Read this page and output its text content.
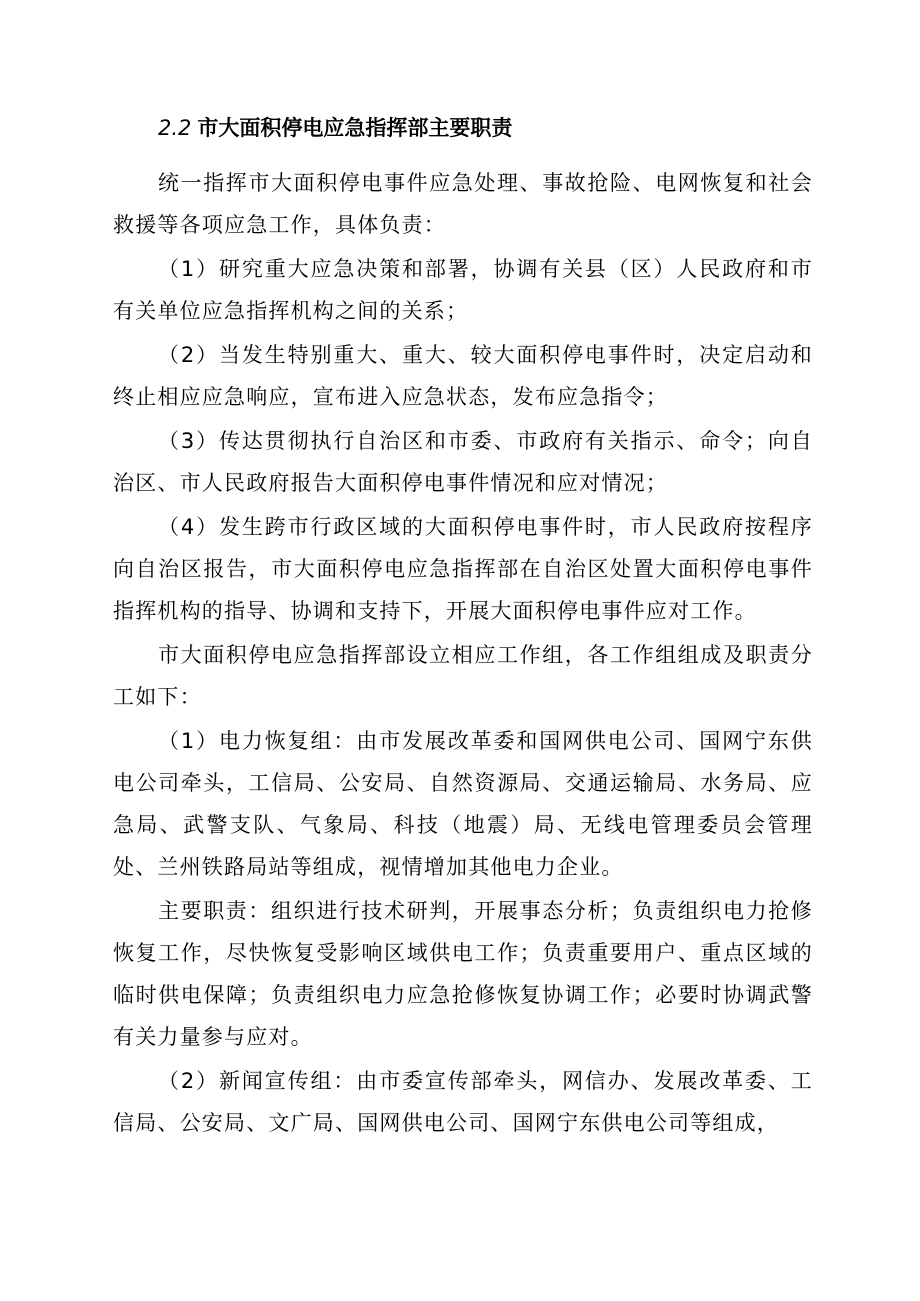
2.2 市大面积停电应急指挥部主要职责

统一指挥市大面积停电事件应急处理、事故抢险、电网恢复和社会救援等各项应急工作，具体负责：

（1）研究重大应急决策和部署，协调有关县（区）人民政府和市有关单位应急指挥机构之间的关系；

（2）当发生特别重大、重大、较大面积停电事件时，决定启动和终止相应应急响应，宣布进入应急状态，发布应急指令；

（3）传达贯彻执行自治区和市委、市政府有关指示、命令；向自治区、市人民政府报告大面积停电事件情况和应对情况；

（4）发生跨市行政区域的大面积停电事件时，市人民政府按程序向自治区报告，市大面积停电应急指挥部在自治区处置大面积停电事件指挥机构的指导、协调和支持下，开展大面积停电事件应对工作。

市大面积停电应急指挥部设立相应工作组，各工作组组成及职责分工如下：

（1）电力恢复组：由市发展改革委和国网供电公司、国网宁东供电公司牵头，工信局、公安局、自然资源局、交通运输局、水务局、应急局、武警支队、气象局、科技（地震）局、无线电管理委员会管理处、兰州铁路局站等组成，视情增加其他电力企业。

主要职责：组织进行技术研判，开展事态分析；负责组织电力抢修恢复工作，尽快恢复受影响区域供电工作；负责重要用户、重点区域的临时供电保障；负责组织电力应急抢修恢复协调工作；必要时协调武警有关力量参与应对。

（2）新闻宣传组：由市委宣传部牵头，网信办、发展改革委、工信局、公安局、文广局、国网供电公司、国网宁东供电公司等组成，
